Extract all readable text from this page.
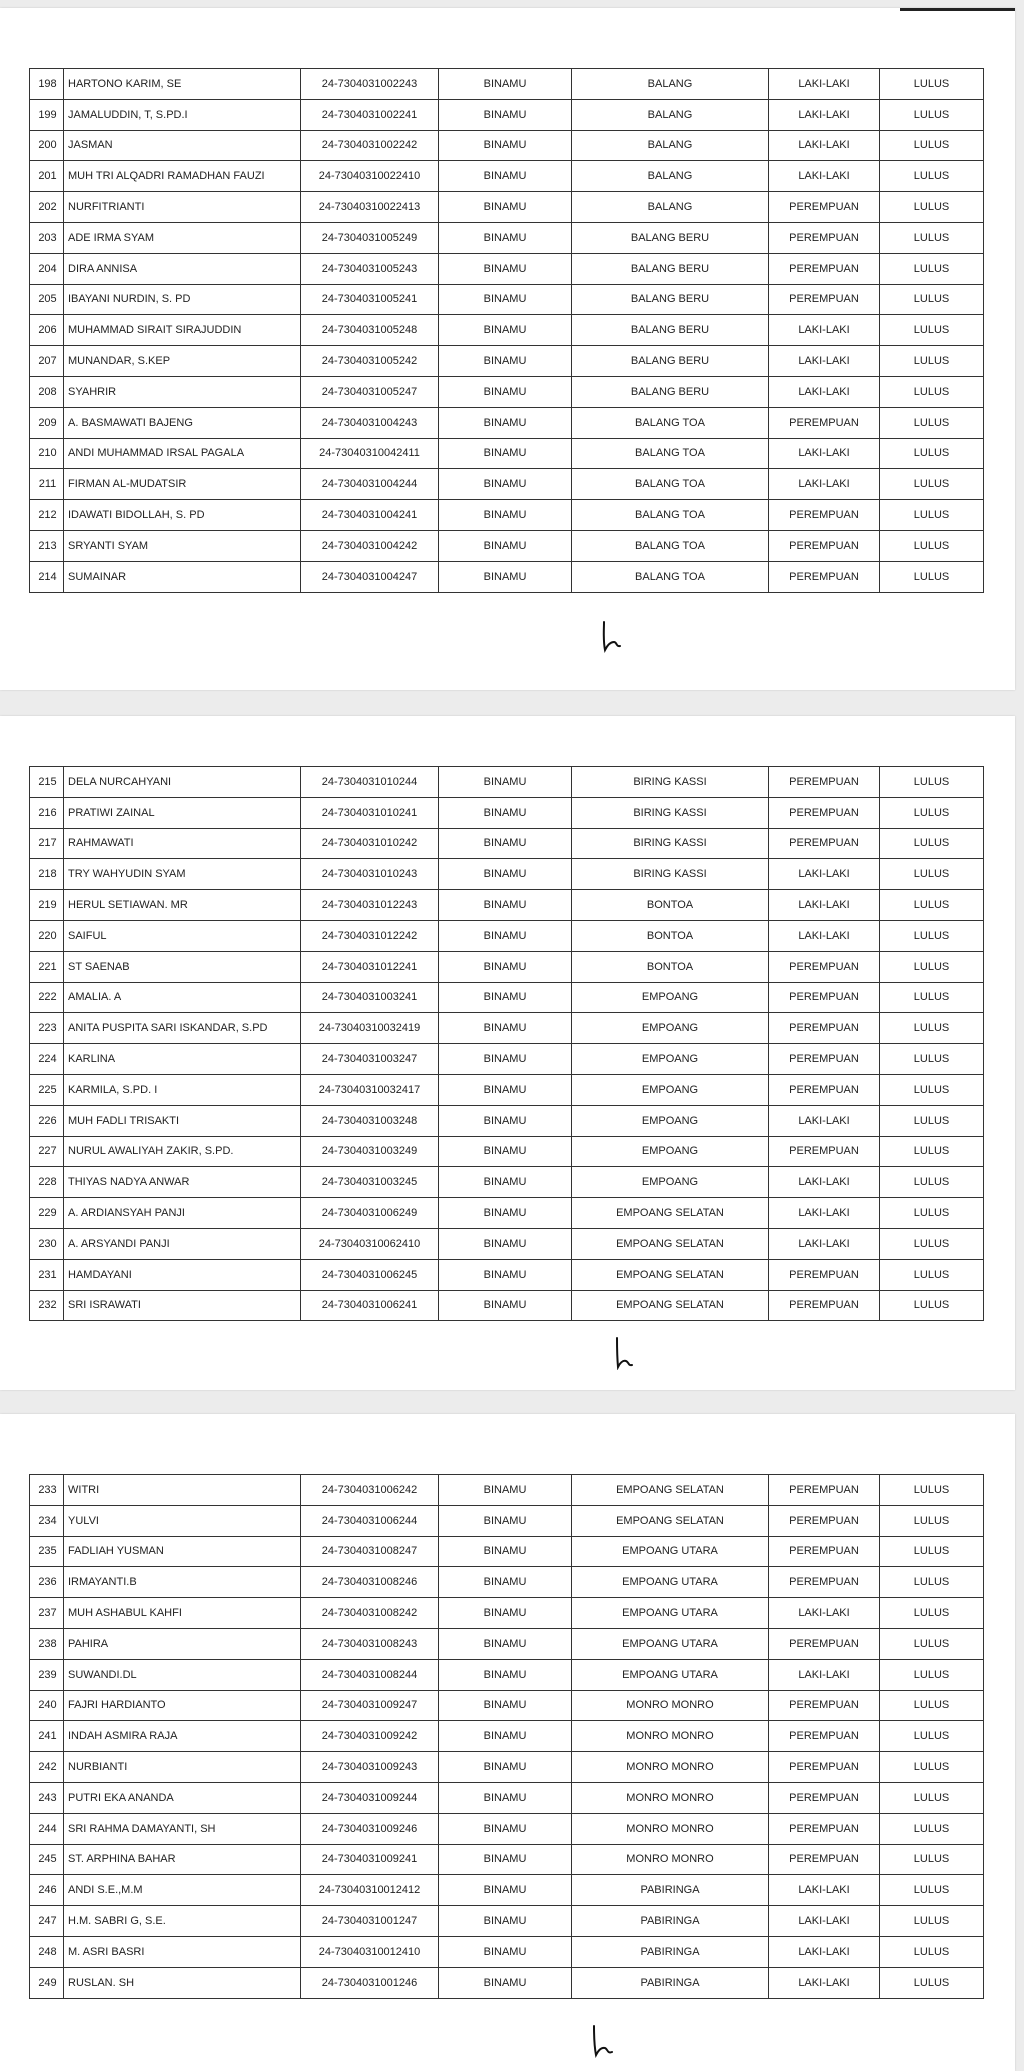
198	HARTONO KARIM, SE	24-7304031002243	BINAMU	BALANG	LAKI-LAKI	LULUS
199	JAMALUDDIN, T, S.PD.I	24-7304031002241	BINAMU	BALANG	LAKI-LAKI	LULUS
200	JASMAN	24-7304031002242	BINAMU	BALANG	LAKI-LAKI	LULUS
201	MUH TRI ALQADRI RAMADHAN FAUZI	24-7304031002241​0	BINAMU	BALANG	LAKI-LAKI	LULUS
202	NURFITRIANTI	24-73040310022413	BINAMU	BALANG	PEREMPUAN	LULUS
203	ADE IRMA SYAM	24-7304031005249	BINAMU	BALANG BERU	PEREMPUAN	LULUS
204	DIRA ANNISA	24-7304031005243	BINAMU	BALANG BERU	PEREMPUAN	LULUS
205	IBAYANI NURDIN, S. PD	24-7304031005241	BINAMU	BALANG BERU	PEREMPUAN	LULUS
206	MUHAMMAD SIRAIT SIRAJUDDIN	24-7304031005248	BINAMU	BALANG BERU	LAKI-LAKI	LULUS
207	MUNANDAR, S.KEP	24-7304031005242	BINAMU	BALANG BERU	LAKI-LAKI	LULUS
208	SYAHRIR	24-7304031005247	BINAMU	BALANG BERU	LAKI-LAKI	LULUS
209	A. BASMAWATI BAJENG	24-7304031004243	BINAMU	BALANG TOA	PEREMPUAN	LULUS
210	ANDI MUHAMMAD IRSAL PAGALA	24-73040310042411	BINAMU	BALANG TOA	LAKI-LAKI	LULUS
211	FIRMAN AL-MUDATSIR	24-7304031004244	BINAMU	BALANG TOA	LAKI-LAKI	LULUS
212	IDAWATI BIDOLLAH, S. PD	24-7304031004241	BINAMU	BALANG TOA	PEREMPUAN	LULUS
213	SRYANTI SYAM	24-7304031004242	BINAMU	BALANG TOA	PEREMPUAN	LULUS
214	SUMAINAR	24-7304031004247	BINAMU	BALANG TOA	PEREMPUAN	LULUS
215	DELA NURCAHYANI	24-7304031010244	BINAMU	BIRING KASSI	PEREMPUAN	LULUS
216	PRATIWI ZAINAL	24-7304031010241	BINAMU	BIRING KASSI	PEREMPUAN	LULUS
217	RAHMAWATI	24-7304031010242	BINAMU	BIRING KASSI	PEREMPUAN	LULUS
218	TRY WAHYUDIN SYAM	24-7304031010243	BINAMU	BIRING KASSI	LAKI-LAKI	LULUS
219	HERUL SETIAWAN. MR	24-7304031012243	BINAMU	BONTOA	LAKI-LAKI	LULUS
220	SAIFUL	24-7304031012242	BINAMU	BONTOA	LAKI-LAKI	LULUS
221	ST SAENAB	24-7304031012241	BINAMU	BONTOA	PEREMPUAN	LULUS
222	AMALIA. A	24-7304031003241	BINAMU	EMPOANG	PEREMPUAN	LULUS
223	ANITA PUSPITA SARI ISKANDAR, S.PD	24-73040310032419	BINAMU	EMPOANG	PEREMPUAN	LULUS
224	KARLINA	24-7304031003247	BINAMU	EMPOANG	PEREMPUAN	LULUS
225	KARMILA, S.PD. I	24-73040310032417	BINAMU	EMPOANG	PEREMPUAN	LULUS
226	MUH FADLI TRISAKTI	24-7304031003248	BINAMU	EMPOANG	LAKI-LAKI	LULUS
227	NURUL AWALIYAH ZAKIR, S.PD.	24-7304031003249	BINAMU	EMPOANG	PEREMPUAN	LULUS
228	THIYAS NADYA ANWAR	24-7304031003245	BINAMU	EMPOANG	LAKI-LAKI	LULUS
229	A. ARDIANSYAH PANJI	24-7304031006249	BINAMU	EMPOANG SELATAN	LAKI-LAKI	LULUS
230	A. ARSYANDI PANJI	24-73040310062410	BINAMU	EMPOANG SELATAN	LAKI-LAKI	LULUS
231	HAMDAYANI	24-7304031006245	BINAMU	EMPOANG SELATAN	PEREMPUAN	LULUS
232	SRI ISRAWATI	24-7304031006241	BINAMU	EMPOANG SELATAN	PEREMPUAN	LULUS
233	WITRI	24-7304031006242	BINAMU	EMPOANG SELATAN	PEREMPUAN	LULUS
234	YULVI	24-7304031006244	BINAMU	EMPOANG SELATAN	PEREMPUAN	LULUS
235	FADLIAH YUSMAN	24-7304031008247	BINAMU	EMPOANG UTARA	PEREMPUAN	LULUS
236	IRMAYANTI.B	24-7304031008246	BINAMU	EMPOANG UTARA	PEREMPUAN	LULUS
237	MUH ASHABUL KAHFI	24-7304031008242	BINAMU	EMPOANG UTARA	LAKI-LAKI	LULUS
238	PAHIRA	24-7304031008243	BINAMU	EMPOANG UTARA	PEREMPUAN	LULUS
239	SUWANDI.DL	24-7304031008244	BINAMU	EMPOANG UTARA	LAKI-LAKI	LULUS
240	FAJRI HARDIANTO	24-7304031009247	BINAMU	MONRO MONRO	PEREMPUAN	LULUS
241	INDAH ASMIRA RAJA	24-7304031009242	BINAMU	MONRO MONRO	PEREMPUAN	LULUS
242	NURBIANTI	24-7304031009243	BINAMU	MONRO MONRO	PEREMPUAN	LULUS
243	PUTRI EKA ANANDA	24-7304031009244	BINAMU	MONRO MONRO	PEREMPUAN	LULUS
244	SRI RAHMA DAMAYANTI, SH	24-7304031009246	BINAMU	MONRO MONRO	PEREMPUAN	LULUS
245	ST. ARPHINA BAHAR	24-7304031009241	BINAMU	MONRO MONRO	PEREMPUAN	LULUS
246	ANDI S.E.,M.M	24-73040310012412	BINAMU	PABIRINGA	LAKI-LAKI	LULUS
247	H.M. SABRI G, S.E.	24-7304031001247	BINAMU	PABIRINGA	LAKI-LAKI	LULUS
248	M. ASRI BASRI	24-73040310012410	BINAMU	PABIRINGA	LAKI-LAKI	LULUS
249	RUSLAN. SH	24-7304031001246	BINAMU	PABIRINGA	LAKI-LAKI	LULUS
